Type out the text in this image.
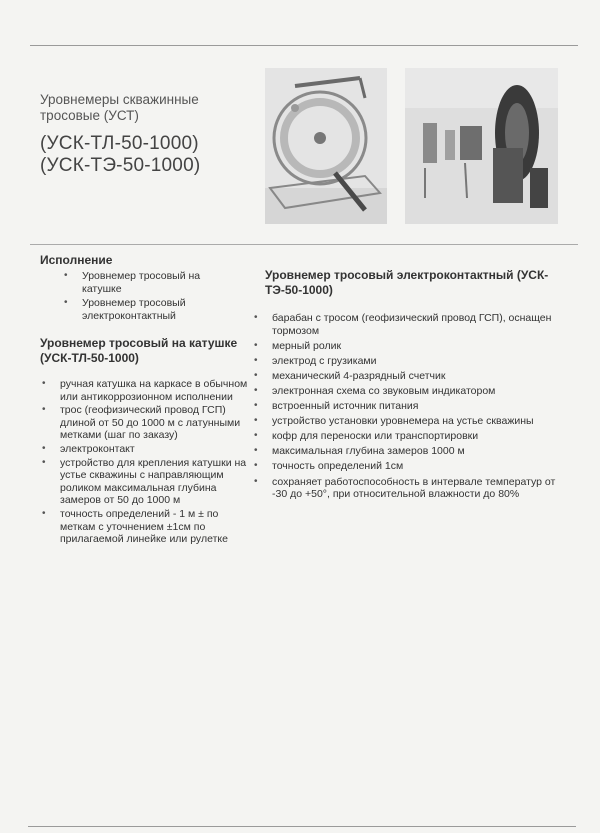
Уровнемеры скважинные тросовые (УСТ)
(УСК-ТЛ-50-1000)
(УСК-ТЭ-50-1000)
Исполнение
• Уровнемер тросовый на катушке
• Уровнемер тросовый электроконтактный
Уровнемер тросовый на катушке (УСК-ТЛ-50-1000)
• ручная катушка на каркасе в обычном или антикоррозионном исполнении
• трос (геофизический провод ГСП) длиной от 50 до 1000 м с латунными метками (шаг по заказу)
• электроконтакт
• устройство для крепления катушки на устье скважины с направляющим роликом максимальная глубина замеров от 50 до 1000 м
• точность определений - 1 м ± по меткам с уточнением ±1см по прилагаемой линейке или рулетке
Уровнемер тросовый электроконтактный (УСК-ТЭ-50-1000)
• барабан с тросом (геофизический провод ГСП), оснащен тормозом
• мерный ролик
• электрод с грузиками
• механический 4-разрядный счетчик
• электронная схема со звуковым индикатором
• встроенный источник питания
• устройство установки уровнемера на устье скважины
• кофр для переноски или транспортировки
• максимальная глубина замеров 1000 м
• точность определений 1см
• сохраняет работоспособность в интервале температур от -30 до +50°, при относительной влажности до 80%
